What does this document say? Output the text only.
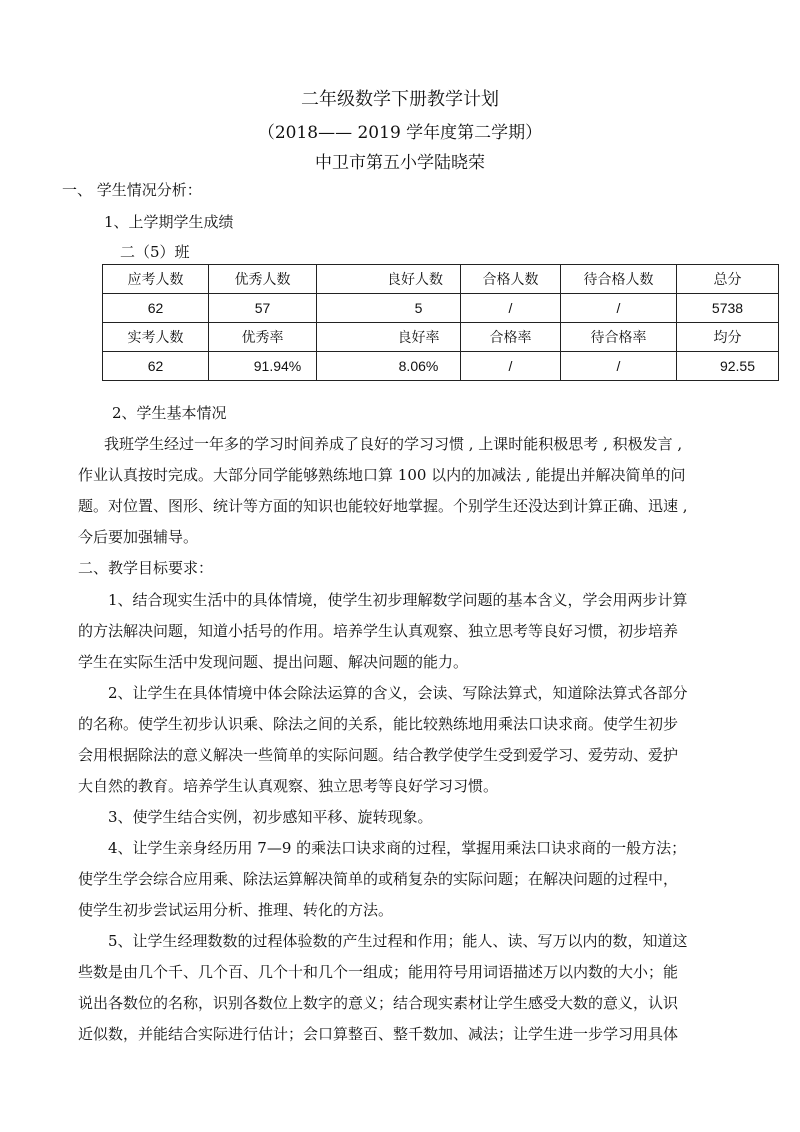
二年级数学下册教学计划
（2018—— 2019 学年度第二学期）
中卫市第五小学陆晓荣
一、 学生情况分析：
1、上学期学生成绩
二（5）班
应考人数	优秀人数	良好人数	合格人数	待合格人数	总分
62	57	5	/	/	5738
实考人数	优秀率	良好率	合格率	待合格率	均分
62	91.94%	8.06%	/	/	92.55
2、学生基本情况
我班学生经过一年多的学习时间养成了良好的学习习惯 , 上课时能积极思考 , 积极发言 ,
作业认真按时完成。大部分同学能够熟练地口算 100 以内的加减法 , 能提出并解决简单的问
题。对位置、图形、统计等方面的知识也能较好地掌握。个别学生还没达到计算正确、迅速 ,
今后要加强辅导。
二、教学目标要求：
1、结合现实生活中的具体情境，使学生初步理解数学问题的基本含义，学会用两步计算
的方法解决问题，知道小括号的作用。培养学生认真观察、独立思考等良好习惯，初步培养
学生在实际生活中发现问题、提出问题、解决问题的能力。
2、让学生在具体情境中体会除法运算的含义，会读、写除法算式，知道除法算式各部分
的名称。使学生初步认识乘、除法之间的关系，能比较熟练地用乘法口诀求商。使学生初步
会用根据除法的意义解决一些简单的实际问题。结合教学使学生受到爱学习、爱劳动、爱护
大自然的教育。培养学生认真观察、独立思考等良好学习习惯。
3、使学生结合实例，初步感知平移、旋转现象。
4、让学生亲身经历用 7—9 的乘法口诀求商的过程，掌握用乘法口诀求商的一般方法；
使学生学会综合应用乘、除法运算解决简单的或稍复杂的实际问题；在解决问题的过程中，
使学生初步尝试运用分析、推理、转化的方法。
5、让学生经理数数的过程体验数的产生过程和作用；能人、读、写万以内的数，知道这
些数是由几个千、几个百、几个十和几个一组成；能用符号用词语描述万以内数的大小；能
说出各数位的名称，识别各数位上数字的意义；结合现实素材让学生感受大数的意义，认识
近似数，并能结合实际进行估计；会口算整百、整千数加、减法；让学生进一步学习用具体
